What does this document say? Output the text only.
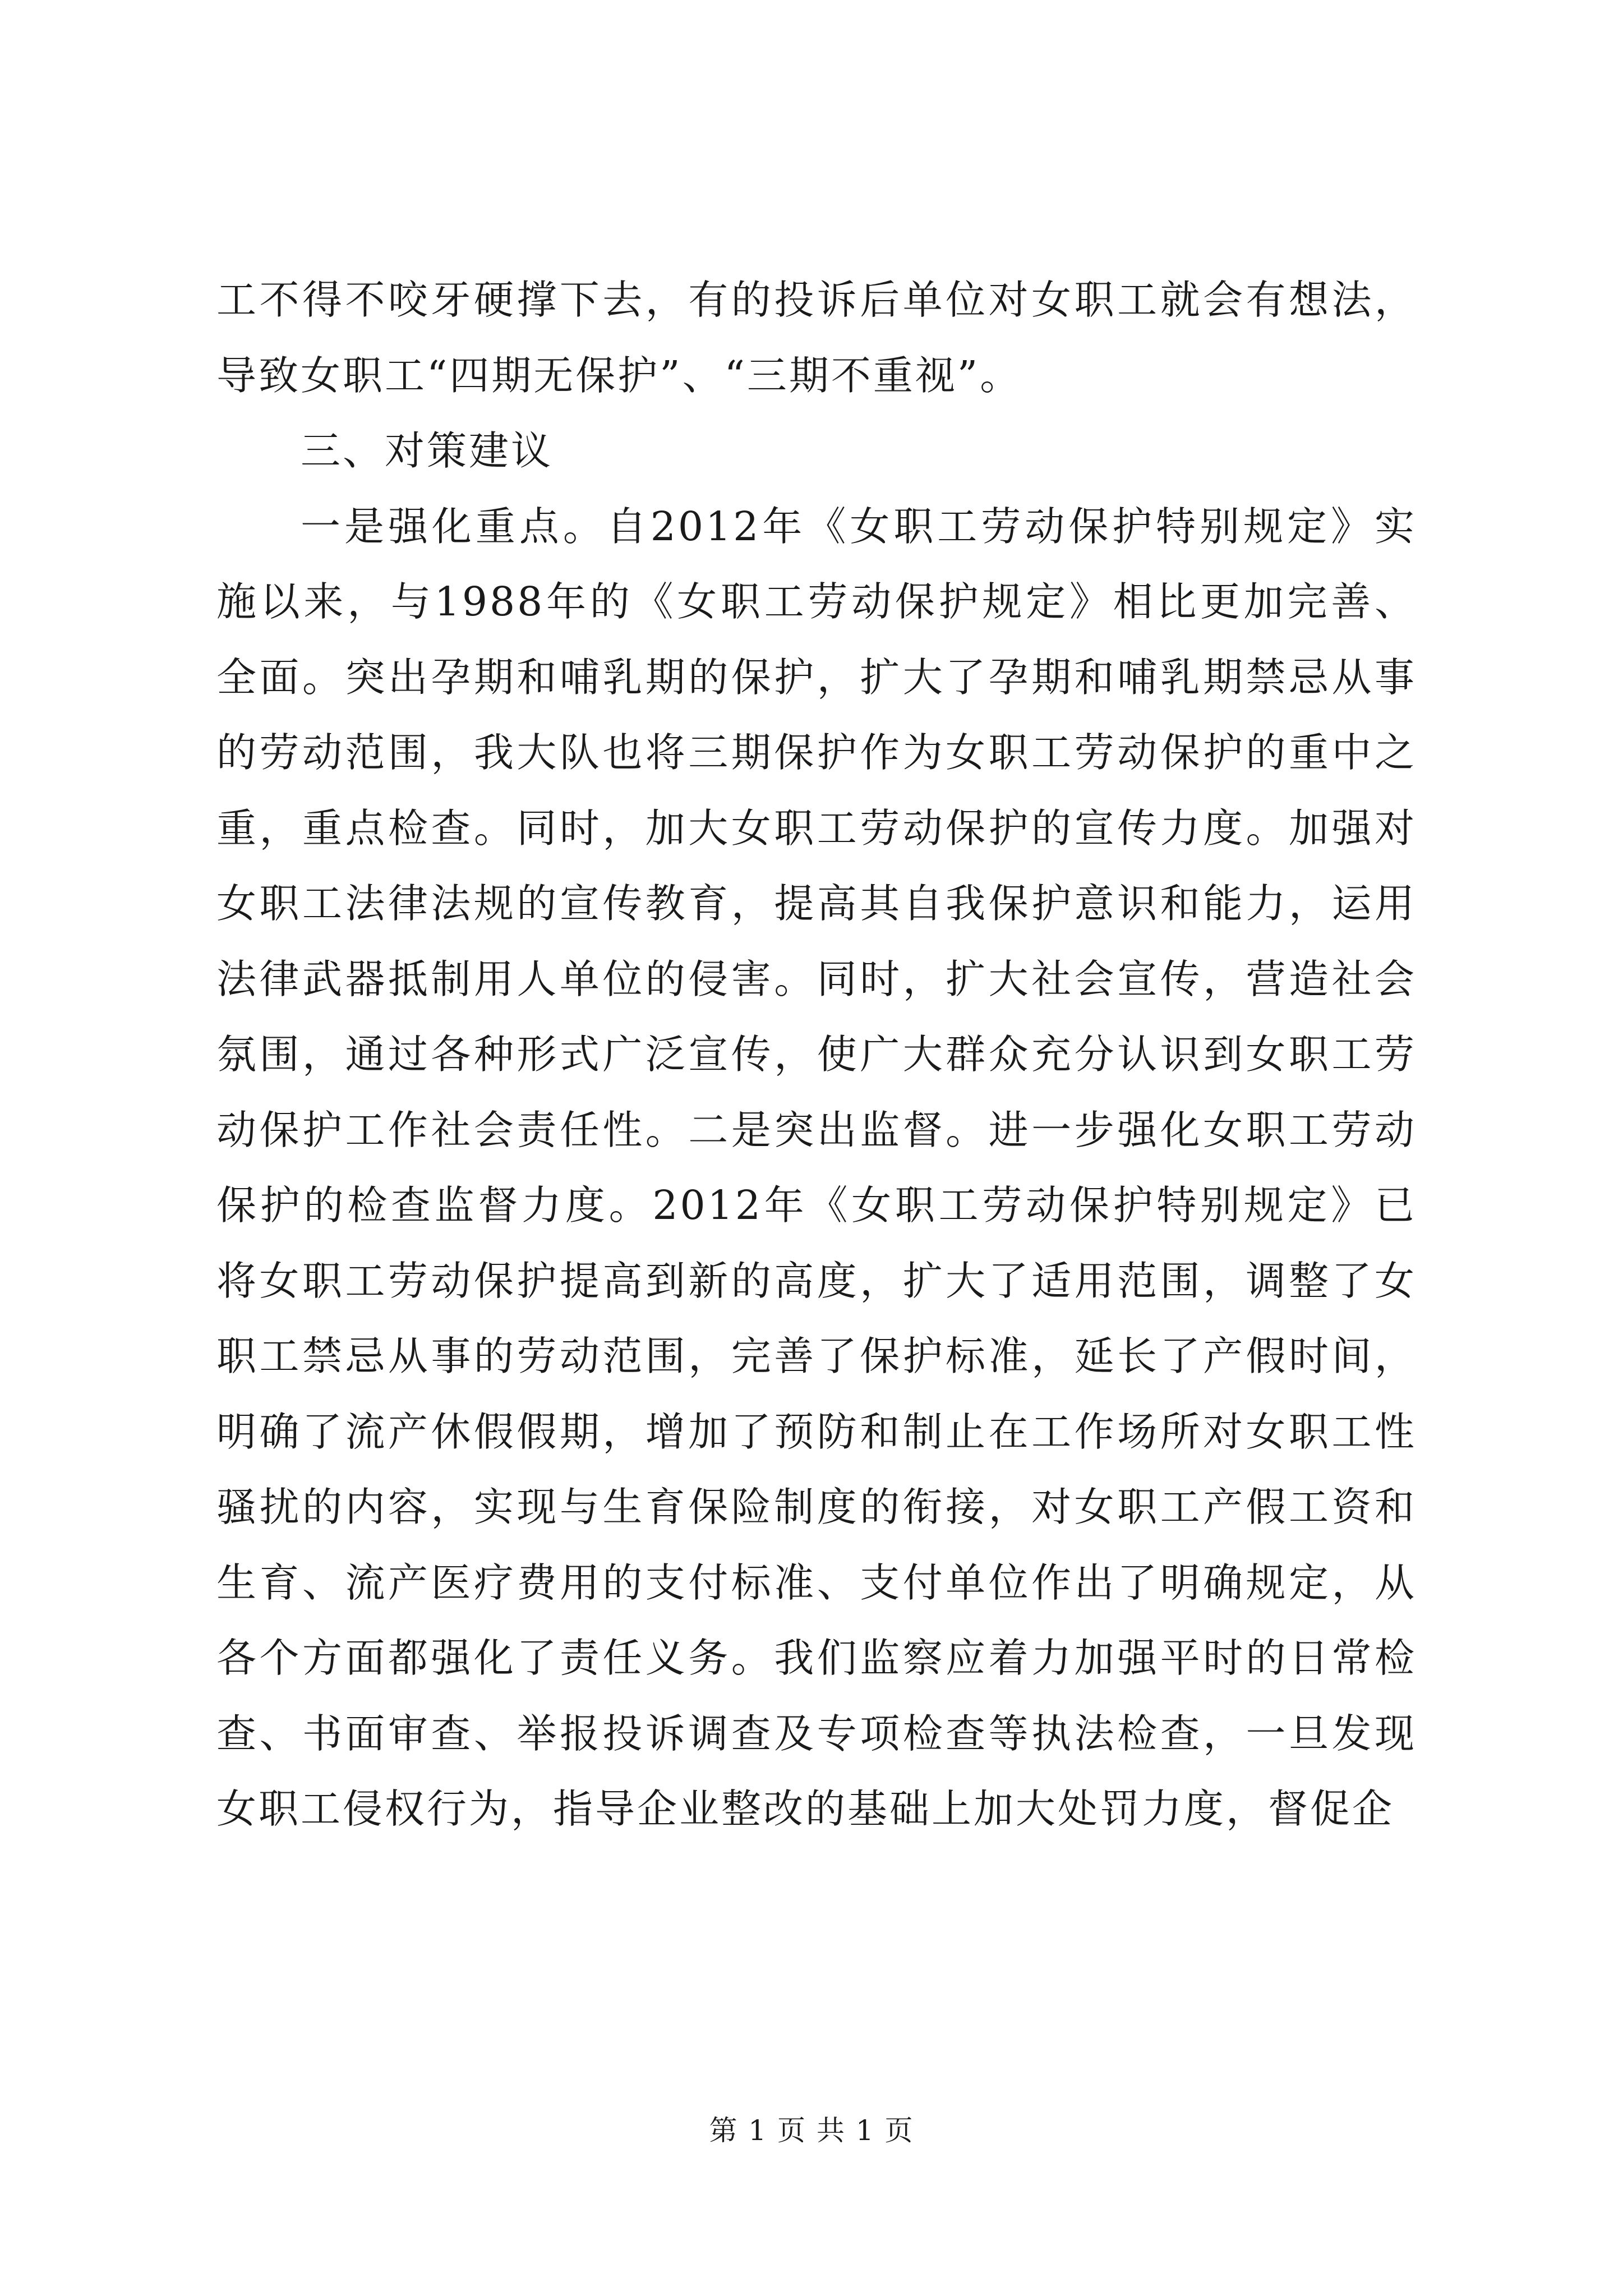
工不得不咬牙硬撑下去，有的投诉后单位对女职工就会有想法，导致女职工“四期无保护”、“三期不重视”。

三、对策建议

一是强化重点。自2012年《女职工劳动保护特别规定》实施以来，与1988年的《女职工劳动保护规定》相比更加完善、全面。突出孕期和哺乳期的保护，扩大了孕期和哺乳期禁忌从事的劳动范围，我大队也将三期保护作为女职工劳动保护的重中之重，重点检查。同时，加大女职工劳动保护的宣传力度。加强对女职工法律法规的宣传教育，提高其自我保护意识和能力，运用法律武器抵制用人单位的侵害。同时，扩大社会宣传，营造社会氛围，通过各种形式广泛宣传，使广大群众充分认识到女职工劳动保护工作社会责任性。二是突出监督。进一步强化女职工劳动保护的检查监督力度。2012年《女职工劳动保护特别规定》已将女职工劳动保护提高到新的高度，扩大了适用范围，调整了女职工禁忌从事的劳动范围，完善了保护标准，延长了产假时间，明确了流产休假假期，增加了预防和制止在工作场所对女职工性骚扰的内容，实现与生育保险制度的衔接，对女职工产假工资和生育、流产医疗费用的支付标准、支付单位作出了明确规定，从各个方面都强化了责任义务。我们监察应着力加强平时的日常检查、书面审查、举报投诉调查及专项检查等执法检查，一旦发现女职工侵权行为，指导企业整改的基础上加大处罚力度，督促企

第 1 页 共 1 页
